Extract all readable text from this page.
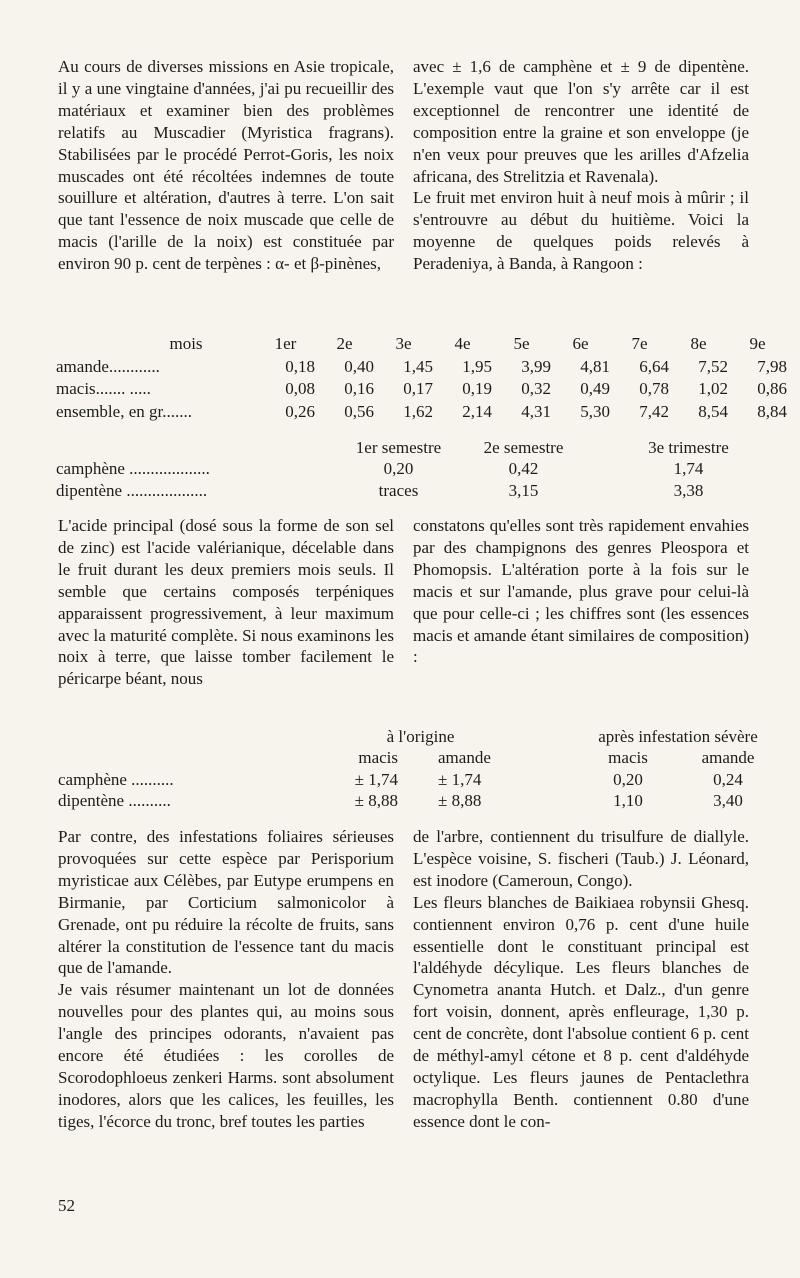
Au cours de diverses missions en Asie tropicale, il y a une vingtaine d'années, j'ai pu recueillir des matériaux et examiner bien des problèmes relatifs au Muscadier (Myristica fragrans). Stabilisées par le procédé Perrot-Goris, les noix muscades ont été récoltées indemnes de toute souillure et altération, d'autres à terre. L'on sait que tant l'essence de noix muscade que celle de macis (l'arille de la noix) est constituée par environ 90 p. cent de terpènes : α- et β-pinènes,

avec ± 1,6 de camphène et ± 9 de dipentène. L'exemple vaut que l'on s'y arrête car il est exceptionnel de rencontrer une identité de composition entre la graine et son enveloppe (je n'en veux pour preuves que les arilles d'Afzelia africana, des Strelitzia et Ravenala).

Le fruit met environ huit à neuf mois à mûrir ; il s'entrouvre au début du huitième. Voici la moyenne de quelques poids relevés à Peradeniya, à Banda, à Rangoon :

mois	1er	2e	3e	4e	5e	6e	7e	8e	9e
amande............	0,18	0,40	1,45	1,95	3,99	4,81	6,64	7,52	7,98
macis....... .....	0,08	0,16	0,17	0,19	0,32	0,49	0,78	1,02	0,86
ensemble, en gr.......	0,26	0,56	1,62	2,14	4,31	5,30	7,42	8,54	8,84
	1er semestre	2e semestre	3e trimestre
camphène ...................	0,20	0,42	1,74
dipentène ...................	traces	3,15	3,38

L'acide principal (dosé sous la forme de son sel de zinc) est l'acide valérianique, décelable dans le fruit durant les deux premiers mois seuls. Il semble que certains composés terpéniques apparaissent progressivement, à leur maximum avec la maturité complète. Si nous examinons les noix à terre, que laisse tomber facilement le péricarpe béant, nous

constatons qu'elles sont très rapidement envahies par des champignons des genres Pleospora et Phomopsis. L'altération porte à la fois sur le macis et sur l'amande, plus grave pour celui-là que pour celle-ci ; les chiffres sont (les essences macis et amande étant similaires de composition) :

	à l'origine		après infestation sévère	
	macis	amande	macis	amande
camphène ..........	± 1,74	± 1,74	0,20	0,24
dipentène ..........	± 8,88	± 8,88	1,10	3,40

Par contre, des infestations foliaires sérieuses provoquées sur cette espèce par Perisporium myristicae aux Célèbes, par Eutype erumpens en Birmanie, par Corticium salmonicolor à Grenade, ont pu réduire la récolte de fruits, sans altérer la constitution de l'essence tant du macis que de l'amande.

Je vais résumer maintenant un lot de données nouvelles pour des plantes qui, au moins sous l'angle des principes odorants, n'avaient pas encore été étudiées : les corolles de Scorodophloeus zenkeri Harms. sont absolument inodores, alors que les calices, les feuilles, les tiges, l'écorce du tronc, bref toutes les parties

de l'arbre, contiennent du trisulfure de diallyle. L'espèce voisine, S. fischeri (Taub.) J. Léonard, est inodore (Cameroun, Congo).

Les fleurs blanches de Baikiaea robynsii Ghesq. contiennent environ 0,76 p. cent d'une huile essentielle dont le constituant principal est l'aldéhyde décylique. Les fleurs blanches de Cynometra ananta Hutch. et Dalz., d'un genre fort voisin, donnent, après enfleurage, 1,30 p. cent de concrète, dont l'absolue contient 6 p. cent de méthyl-amyl cétone et 8 p. cent d'aldéhyde octylique. Les fleurs jaunes de Pentaclethra macrophylla Benth. contiennent 0.80 d'une essence dont le con-

52
